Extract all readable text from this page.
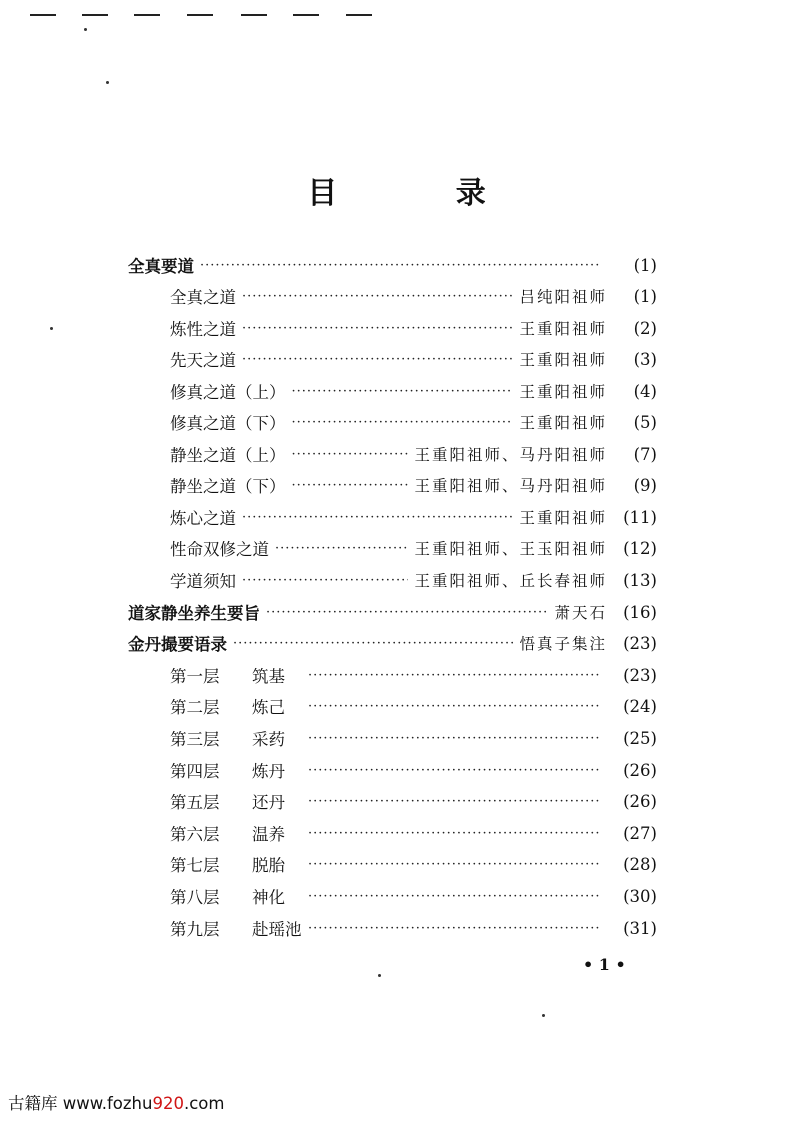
目 录
全真要道 ·····	(1)
全真之道 ·····	吕纯阳祖师	(1)
炼性之道 ·····	王重阳祖师	(2)
先天之道 ·····	王重阳祖师	(3)
修真之道（上） ·····	王重阳祖师	(4)
修真之道（下） ·····	王重阳祖师	(5)
静坐之道（上） ·····	王重阳祖师、马丹阳祖师	(7)
静坐之道（下） ·····	王重阳祖师、马丹阳祖师	(9)
炼心之道 ·····	王重阳祖师 (11)
性命双修之道 ·····	王重阳祖师、王玉阳祖师 (12)
学道须知 ·····	王重阳祖师、丘长春祖师 (13)
道家静坐养生要旨 ·····	萧天石 (16)
金丹撮要语录 ·····	悟真子集注 (23)
第一层	筑基 ·····	(23)
第二层	炼己 ·····	(24)
第三层	采药 ·····	(25)
第四层	炼丹 ·····	(26)
第五层	还丹 ·····	(26)
第六层	温养 ·····	(27)
第七层	脱胎 ·····	(28)
第八层	神化 ·····	(30)
第九层	赴瑶池 ·····	(31)
• 1 •
古籍库 www.fozhu920.com
